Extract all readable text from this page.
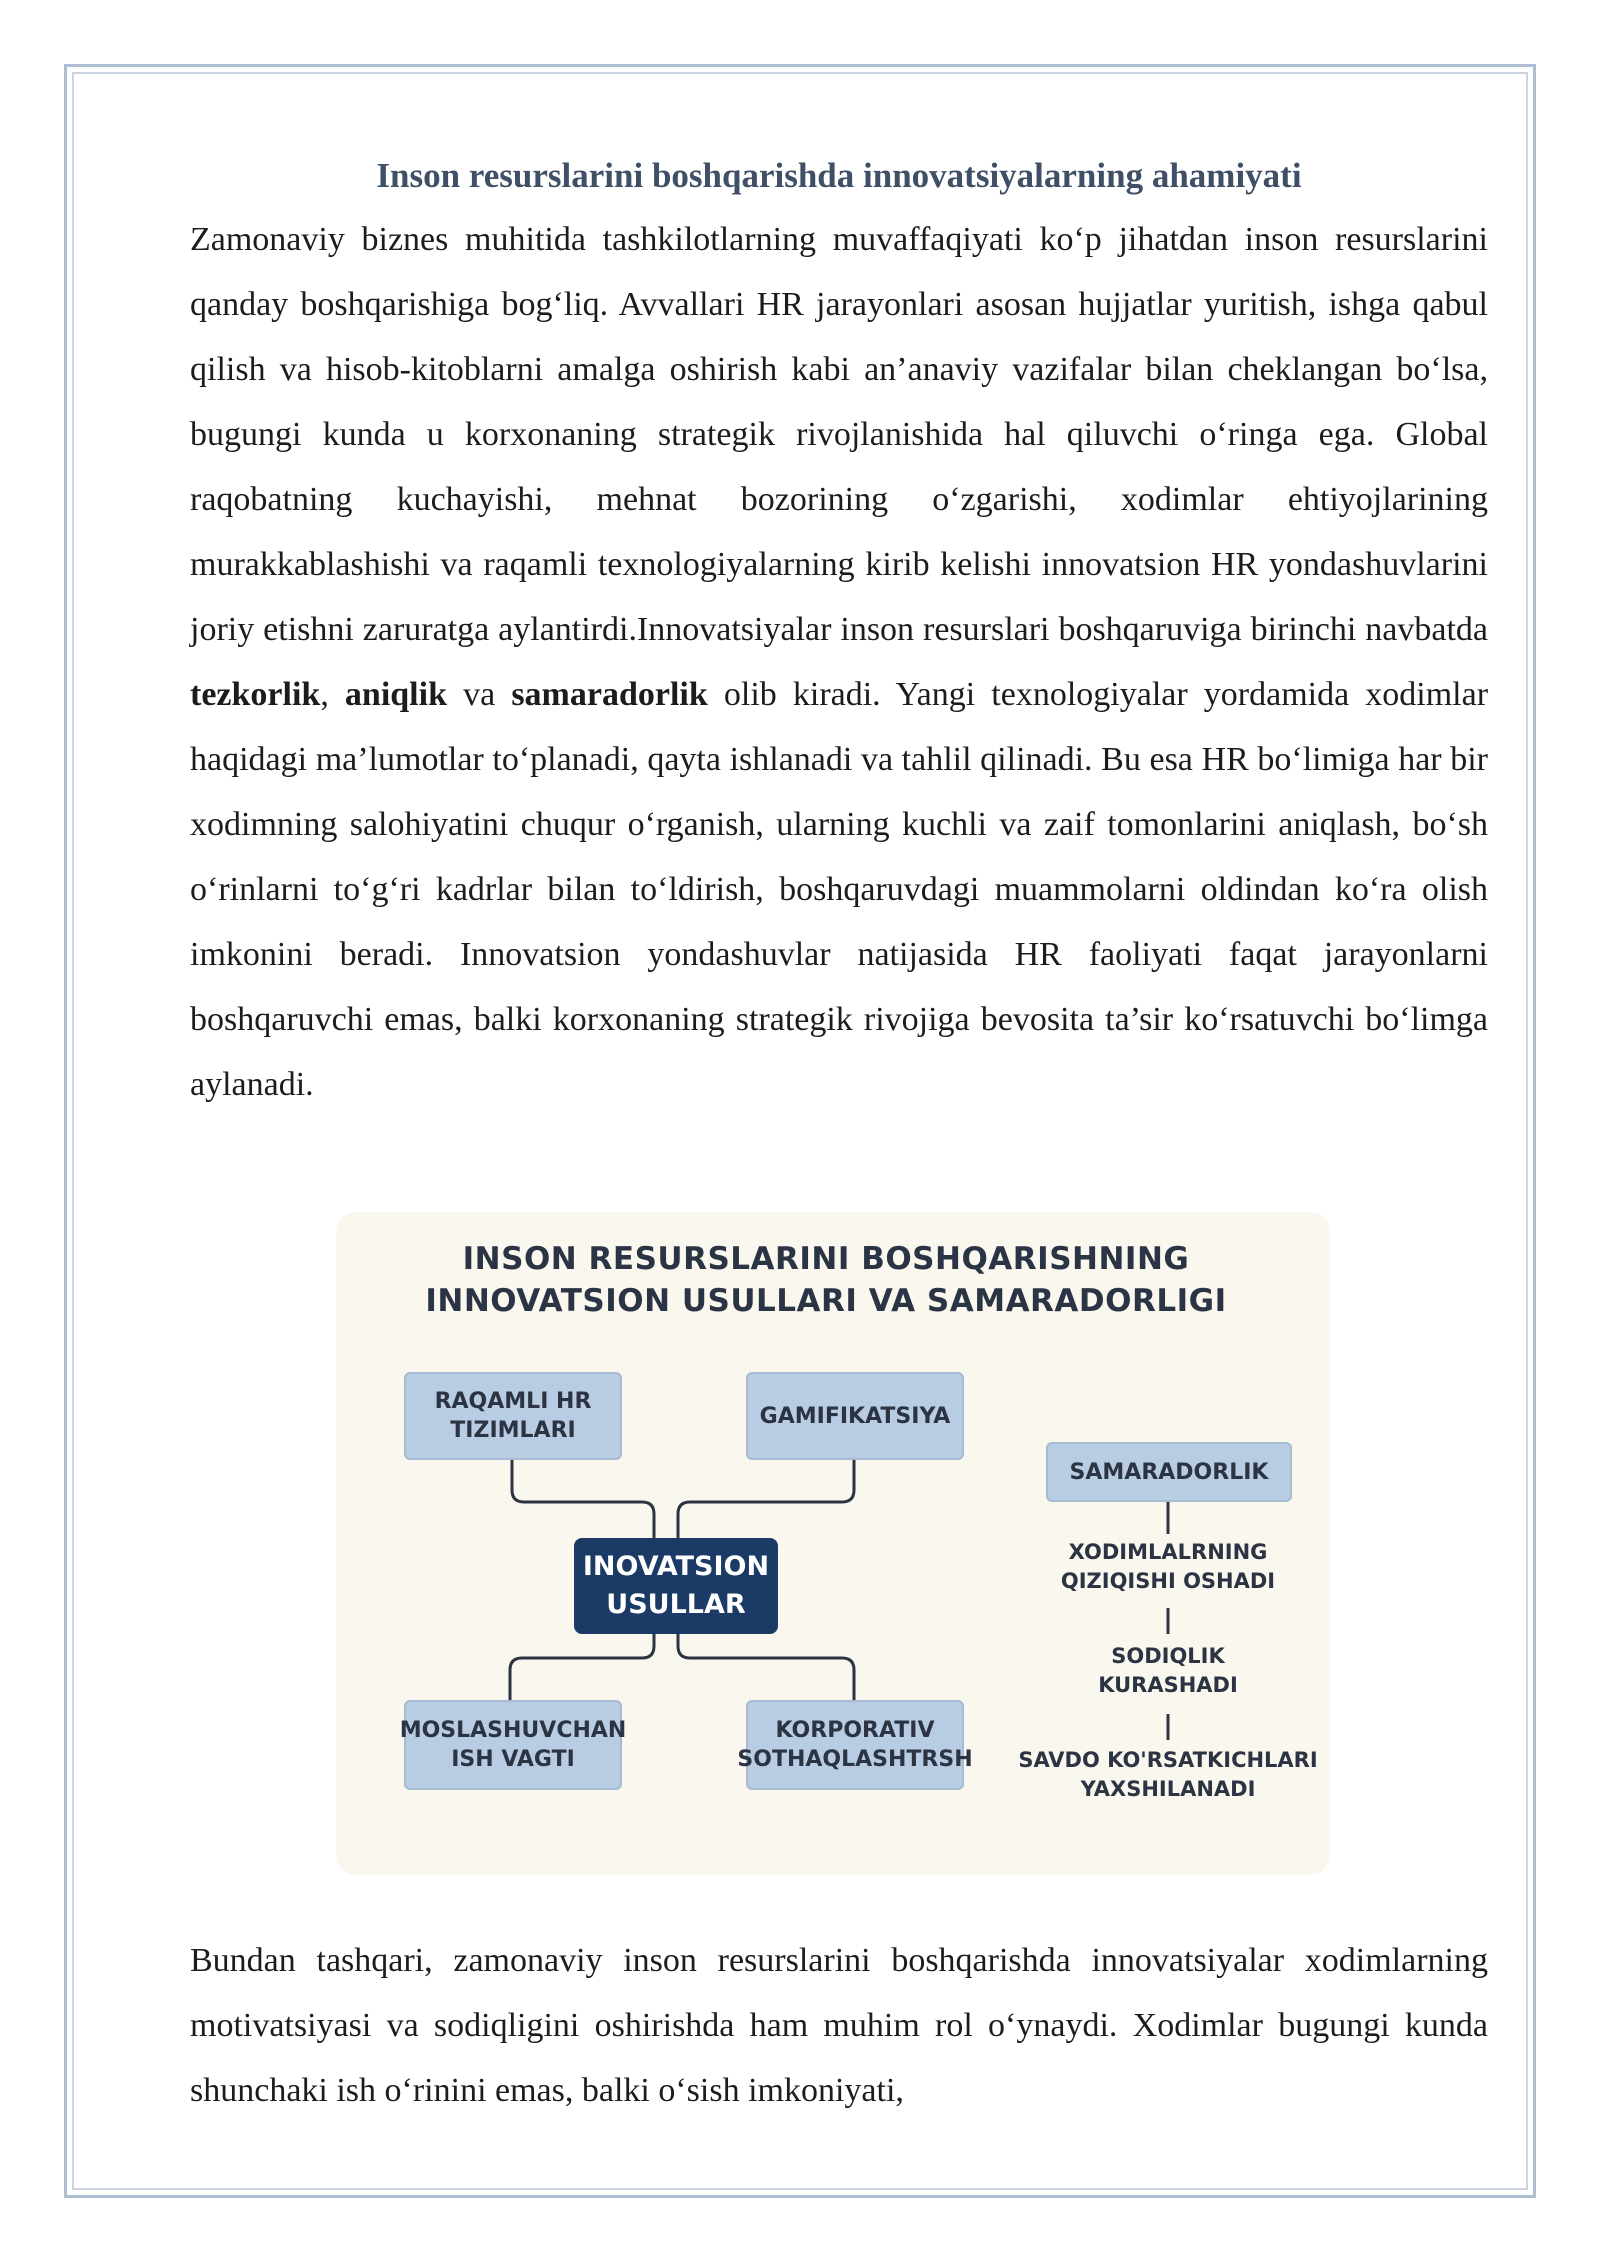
Inson resurslarini boshqarishda innovatsiyalarning ahamiyati

Zamonaviy biznes muhitida tashkilotlarning muvaffaqiyati ko‘p jihatdan inson resurslarini qanday boshqarishiga bog‘liq. Avvallari HR jarayonlari asosan hujjatlar yuritish, ishga qabul qilish va hisob-kitoblarni amalga oshirish kabi an’anaviy vazifalar bilan cheklangan bo‘lsa, bugungi kunda u korxonaning strategik rivojlanishida hal qiluvchi o‘ringa ega. Global raqobatning kuchayishi, mehnat bozorining o‘zgarishi, xodimlar ehtiyojlarining murakkablashishi va raqamli texnologiyalarning kirib kelishi innovatsion HR yondashuvlarini joriy etishni zaruratga aylantirdi.Innovatsiyalar inson resurslari boshqaruviga birinchi navbatda tezkorlik, aniqlik va samaradorlik olib kiradi. Yangi texnologiyalar yordamida xodimlar haqidagi ma’lumotlar to‘planadi, qayta ishlanadi va tahlil qilinadi. Bu esa HR bo‘limiga har bir xodimning salohiyatini chuqur o‘rganish, ularning kuchli va zaif tomonlarini aniqlash, bo‘sh o‘rinlarni to‘g‘ri kadrlar bilan to‘ldirish, boshqaruvdagi muammolarni oldindan ko‘ra olish imkonini beradi. Innovatsion yondashuvlar natijasida HR faoliyati faqat jarayonlarni boshqaruvchi emas, balki korxonaning strategik rivojiga bevosita ta’sir ko‘rsatuvchi bo‘limga aylanadi.

INSON RESURSLARINI BOSHQARISHNING
INNOVATSION USULLARI VA SAMARADORLIGI
RAQAMLI HR
TIZIMLARI
GAMIFIKATSIYA
INOVATSION
USULLAR
MOSLASHUVCHAN
ISH VAGTI
KORPORATIV
SOTHAQLASHTRSH
SAMARADORLIK
XODIMLALRNING
QIZIQISHI OSHADI
SODIQLIK
KURASHADI
SAVDO KO'RSATKICHLARI
YAXSHILANADI

Bundan tashqari, zamonaviy inson resurslarini boshqarishda innovatsiyalar xodimlarning motivatsiyasi va sodiqligini oshirishda ham muhim rol o‘ynaydi. Xodimlar bugungi kunda shunchaki ish o‘rinini emas, balki o‘sish imkoniyati,
